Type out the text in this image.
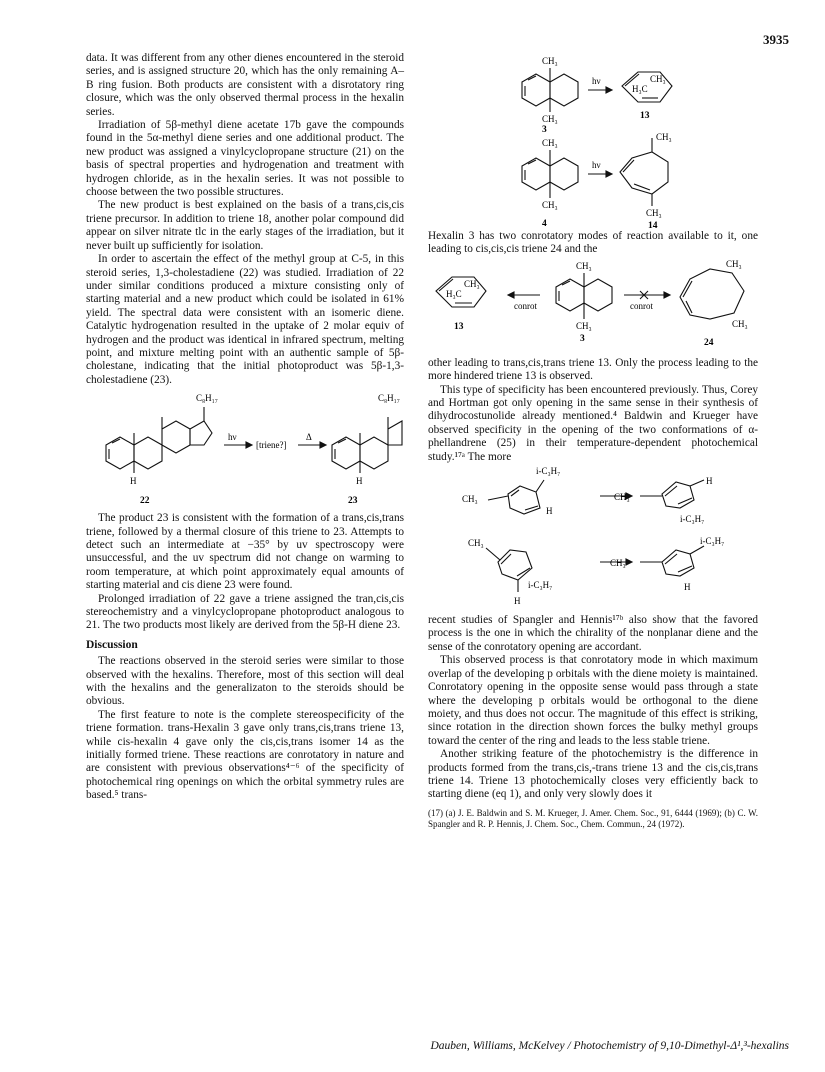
3935

data. It was different from any other dienes encountered in the steroid series, and is assigned structure 20, which has the only remaining A–B ring fusion. Both products are consistent with a disrotatory ring closure, which was the only observed thermal process in the hexalin series.

Irradiation of 5β-methyl diene acetate 17b gave the compounds found in the 5α-methyl diene series and one additional product. The new product was assigned a vinylcyclopropane structure (21) on the basis of spectral properties and hydrogenation and treatment with hydrogen chloride, as in the hexalin series. It was not possible to choose between the two possible structures.

The new product is best explained on the basis of a trans,cis,cis triene precursor. In addition to triene 18, another polar compound did appear on silver nitrate tlc in the early stages of the irradiation, but it never built up sufficiently for isolation.

In order to ascertain the effect of the methyl group at C-5, in this steroid series, 1,3-cholestadiene (22) was studied. Irradiation of 22 under similar conditions produced a mixture consisting only of starting material and a new product which could be isolated in 61% yield. The spectral data were consistent with an isomeric diene. Catalytic hydrogenation resulted in the uptake of 2 molar equiv of hydrogen and the product was identical in infrared spectrum, melting point, and mixture melting point with an authentic sample of 5β-cholestane, indicating that the initial photoproduct was 5β-1,3-cholestadiene (23).

C₈H₁₇	C₈H₁₇
hν
[triene?]
Δ
H	H
22	23

The product 23 is consistent with the formation of a trans,cis,trans triene, followed by a thermal closure of this triene to 23. Attempts to detect such an intermediate at −35° by uv spectroscopy were unsuccessful, and the uv spectrum did not change on warming to room temperature, at which point approximately equal amounts of starting material and cis diene 23 were found.

Prolonged irradiation of 22 gave a triene assigned the tran,cis,cis stereochemistry and a vinylcyclopropane photoproduct analogous to 21. The two products most likely are derived from the 5β-H diene 23.

Discussion

The reactions observed in the steroid series were similar to those observed with the hexalins. Therefore, most of this section will deal with the hexalins and the generalizaton to the steroids should be obvious.

The first feature to note is the complete stereospecificity of the triene formation. trans-Hexalin 3 gave only trans,cis,trans triene 13, while cis-hexalin 4 gave only the cis,cis,trans isomer 14 as the initially formed triene. These reactions are conrotatory in nature and are consistent with previous observations⁴⁻⁶ of the specificity of photochemical ring openings on which the orbital symmetry rules are based.⁵ trans-

CH₃
CH₃
hν
H₃C
CH₃
3
13
CH₃
CH₃
hν
CH₃
CH₃
4	14

Hexalin 3 has two conrotatory modes of reaction available to it, one leading to cis,cis,cis triene 24 and the

H₃C
CH₃
conrot	conrot
CH₃
CH₃
CH₃
CH₃
13
3	24

other leading to trans,cis,trans triene 13. Only the process leading to the more hindered triene 13 is observed.

This type of specificity has been encountered previously. Thus, Corey and Hortman got only opening in the same sense in their synthesis of dihydrocostunolide already mentioned.⁴ Baldwin and Krueger have observed specificity in the opening of the two conformations of α-phellandrene (25) in their temperature-dependent photochemical study.¹⁷ᵃ The more

i-C₃H₇
CH₃
H
CH₃
H
i-C₃H₇
CH₃
i-C₃H₇
H
CH₃
i-C₃H₇
H

recent studies of Spangler and Hennis¹⁷ᵇ also show that the favored process is the one in which the chirality of the nonplanar diene and the sense of the conrotatory opening are accordant.

This observed process is that conrotatory mode in which maximum overlap of the developing p orbitals with the diene moiety is maintained. Conrotatory opening in the opposite sense would pass through a state where the developing p orbitals would be orthogonal to the diene moiety, and thus does not occur. The magnitude of this effect is striking, since rotation in the direction shown forces the bulky methyl groups toward the center of the ring and leads to the less stable triene.

Another striking feature of the photochemistry is the difference in products formed from the trans,cis,-trans triene 13 and the cis,cis,trans triene 14. Triene 13 photochemically closes very efficiently back to starting diene (eq 1), and only very slowly does it

(17) (a) J. E. Baldwin and S. M. Krueger, J. Amer. Chem. Soc., 91, 6444 (1969); (b) C. W. Spangler and R. P. Hennis, J. Chem. Soc., Chem. Commun., 24 (1972).
Dauben, Williams, McKelvey / Photochemistry of 9,10-Dimethyl-Δ¹,³-hexalins
